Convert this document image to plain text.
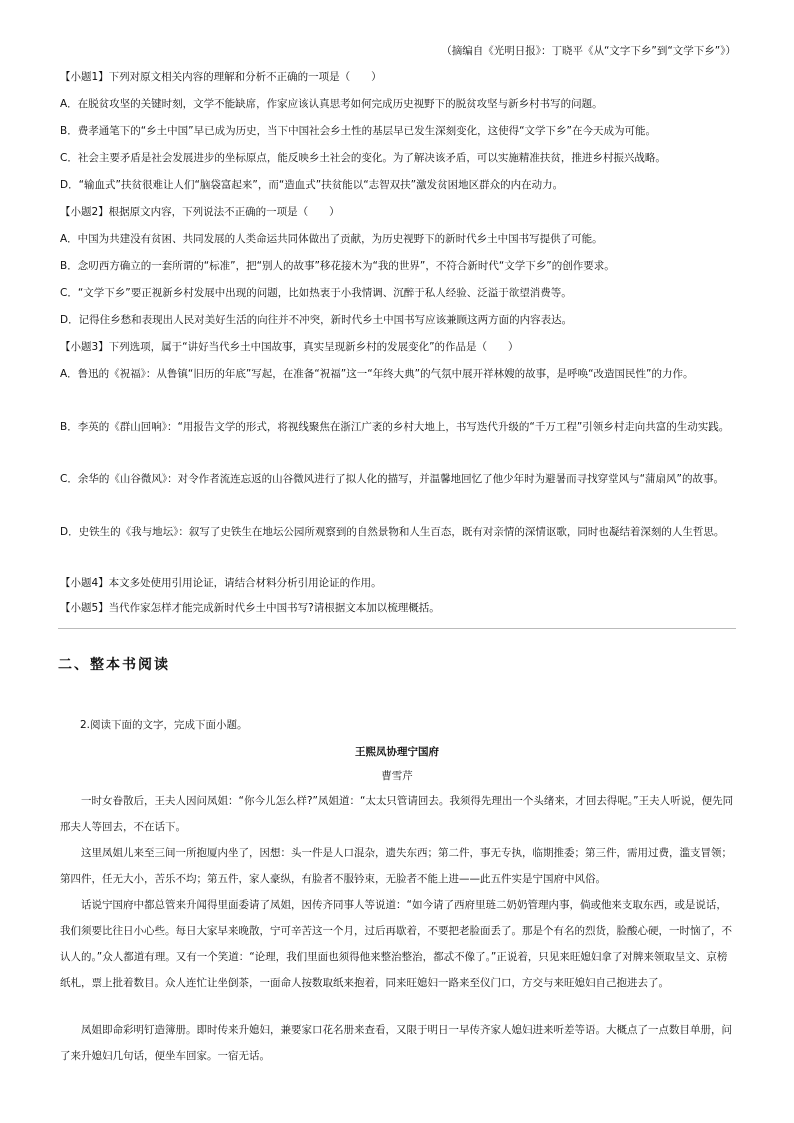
（摘编自《光明日报》：丁晓平《从“文字下乡”到“文学下乡”》）
【小题1】下列对原文相关内容的理解和分析不正确的一项是（　　）
A．在脱贫攻坚的关键时刻，文学不能缺席，作家应该认真思考如何完成历史视野下的脱贫攻坚与新乡村书写的问题。
B．费孝通笔下的“乡土中国”早已成为历史，当下中国社会乡土性的基层早已发生深刻变化，这使得“文学下乡”在今天成为可能。
C．社会主要矛盾是社会发展进步的坐标原点，能反映乡土社会的变化。为了解决该矛盾，可以实施精准扶贫，推进乡村振兴战略。
D．“输血式”扶贫很难让人们“脑袋富起来”，而“造血式”扶贫能以“志智双扶”激发贫困地区群众的内在动力。
【小题2】根据原文内容，下列说法不正确的一项是（　　）
A．中国为共建没有贫困、共同发展的人类命运共同体做出了贡献，为历史视野下的新时代乡土中国书写提供了可能。
B．念叨西方确立的一套所谓的“标准”，把“别人的故事”移花接木为“我的世界”，不符合新时代“文学下乡”的创作要求。
C．“文学下乡”要正视新乡村发展中出现的问题，比如热衷于小我情调、沉醉于私人经验、泛溢于欲望消费等。
D．记得住乡愁和表现出人民对美好生活的向往并不冲突，新时代乡土中国书写应该兼顾这两方面的内容表达。
【小题3】下列选项，属于“讲好当代乡土中国故事，真实呈现新乡村的发展变化”的作品是（　　）
A．鲁迅的《祝福》：从鲁镇“旧历的年底”写起，在准备“祝福”这一“年终大典”的气氛中展开祥林嫂的故事，是呼唤“改造国民性”的力作。
B．李英的《群山回响》：“用报告文学的形式，将视线聚焦在浙江广袤的乡村大地上，书写迭代升级的“千万工程”引领乡村走向共富的生动实践。
C．余华的《山谷微风》：对令作者流连忘返的山谷微风进行了拟人化的描写，并温馨地回忆了他少年时为避暑而寻找穿堂风与“蒲扇风”的故事。
D．史铁生的《我与地坛》：叙写了史铁生在地坛公园所观察到的自然景物和人生百态，既有对亲情的深情讴歌，同时也凝结着深刻的人生哲思。
【小题4】本文多处使用引用论证，请结合材料分析引用论证的作用。
【小题5】当代作家怎样才能完成新时代乡土中国书写?请根据文本加以梳理概括。
二、整本书阅读
2.阅读下面的文字，完成下面小题。
王熙凤协理宁国府
曹雪芹
一时女眷散后，王夫人因问凤姐：“你今儿怎么样?”凤姐道：“太太只管请回去。我须得先理出一个头绪来，才回去得呢。”王夫人听说，便先同邢夫人等回去，不在话下。
这里凤姐儿来至三间一所抱厦内坐了，因想：头一件是人口混杂，遗失东西；第二件，事无专执，临期推委；第三件，需用过费，滥支冒领；第四件，任无大小，苦乐不均；第五件，家人豪纵，有脸者不服钤束，无脸者不能上进——此五件实是宁国府中风俗。
话说宁国府中都总管来升闻得里面委请了凤姐，因传齐同事人等说道：“如今请了西府里琏二奶奶管理内事，倘或他来支取东西，或是说话，我们须要比往日小心些。每日大家早来晚散，宁可辛苦这一个月，过后再歇着，不要把老脸面丢了。那是个有名的烈货，脸酸心硬，一时恼了，不认人的。”众人都道有理。又有一个笑道：“论理，我们里面也须得他来整治整治，都忒不像了。”正说着，只见来旺媳妇拿了对牌来领取呈文、京榜纸札，票上批着数目。众人连忙让坐倒茶，一面命人按数取纸来抱着，同来旺媳妇一路来至仪门口，方交与来旺媳妇自己抱进去了。
凤姐即命彩明钉造簿册。即时传来升媳妇，兼要家口花名册来查看，又限于明日一早传齐家人媳妇进来听差等语。大概点了一点数目单册，问了来升媳妇几句话，便坐车回家。一宿无话。
